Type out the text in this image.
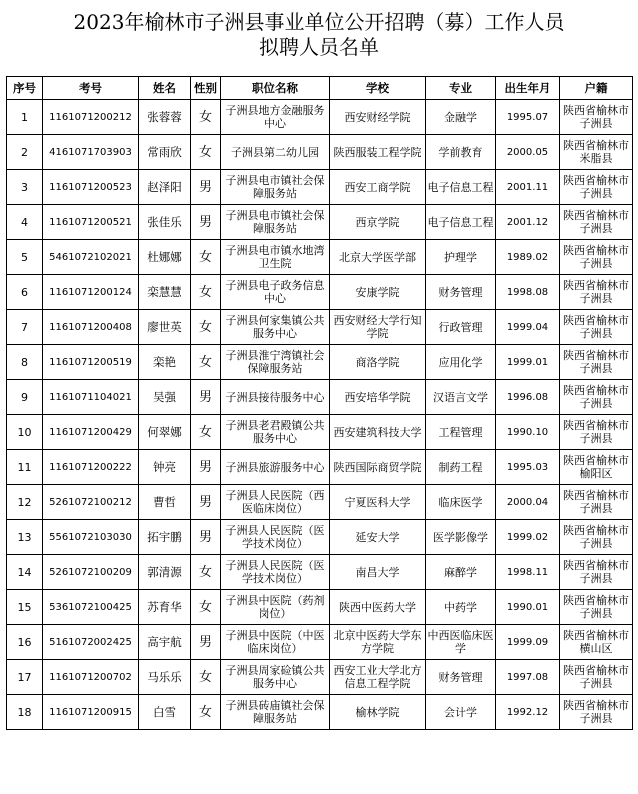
2023年榆林市子洲县事业单位公开招聘（募）工作人员
拟聘人员名单
序号	考号	姓名	性别	职位名称	学校	专业	出生年月	户籍
1	1161071200212	张蓉蓉	女	子洲县地方金融服务中心	西安财经学院	金融学	1995.07	陕西省榆林市子洲县
2	4161071703903	常雨欣	女	子洲县第二幼儿园	陕西服装工程学院	学前教育	2000.05	陕西省榆林市米脂县
3	1161071200523	赵泽阳	男	子洲县电市镇社会保障服务站	西安工商学院	电子信息工程	2001.11	陕西省榆林市子洲县
4	1161071200521	张佳乐	男	子洲县电市镇社会保障服务站	西京学院	电子信息工程	2001.12	陕西省榆林市子洲县
5	5461072102021	杜娜娜	女	子洲县电市镇水地湾卫生院	北京大学医学部	护理学	1989.02	陕西省榆林市子洲县
6	1161071200124	栾慧慧	女	子洲县电子政务信息中心	安康学院	财务管理	1998.08	陕西省榆林市子洲县
7	1161071200408	廖世英	女	子洲县何家集镇公共服务中心	西安财经大学行知学院	行政管理	1999.04	陕西省榆林市子洲县
8	1161071200519	栾艳	女	子洲县淮宁湾镇社会保障服务站	商洛学院	应用化学	1999.01	陕西省榆林市子洲县
9	1161071104021	吴强	男	子洲县接待服务中心	西安培华学院	汉语言文学	1996.08	陕西省榆林市子洲县
10	1161071200429	何翠娜	女	子洲县老君殿镇公共服务中心	西安建筑科技大学	工程管理	1990.10	陕西省榆林市子洲县
11	1161071200222	钟亮	男	子洲县旅游服务中心	陕西国际商贸学院	制药工程	1995.03	陕西省榆林市榆阳区
12	5261072100212	曹哲	男	子洲县人民医院（西医临床岗位）	宁夏医科大学	临床医学	2000.04	陕西省榆林市子洲县
13	5561072103030	拓宇鹏	男	子洲县人民医院（医学技术岗位）	延安大学	医学影像学	1999.02	陕西省榆林市子洲县
14	5261072100209	郭清源	女	子洲县人民医院（医学技术岗位）	南昌大学	麻醉学	1998.11	陕西省榆林市子洲县
15	5361072100425	苏育华	女	子洲县中医院（药剂岗位）	陕西中医药大学	中药学	1990.01	陕西省榆林市子洲县
16	5161072002425	高宇航	男	子洲县中医院（中医临床岗位）	北京中医药大学东方学院	中西医临床医学	1999.09	陕西省榆林市横山区
17	1161071200702	马乐乐	女	子洲县周家硷镇公共服务中心	西安工业大学北方信息工程学院	财务管理	1997.08	陕西省榆林市子洲县
18	1161071200915	白雪	女	子洲县砖庙镇社会保障服务站	榆林学院	会计学	1992.12	陕西省榆林市子洲县
